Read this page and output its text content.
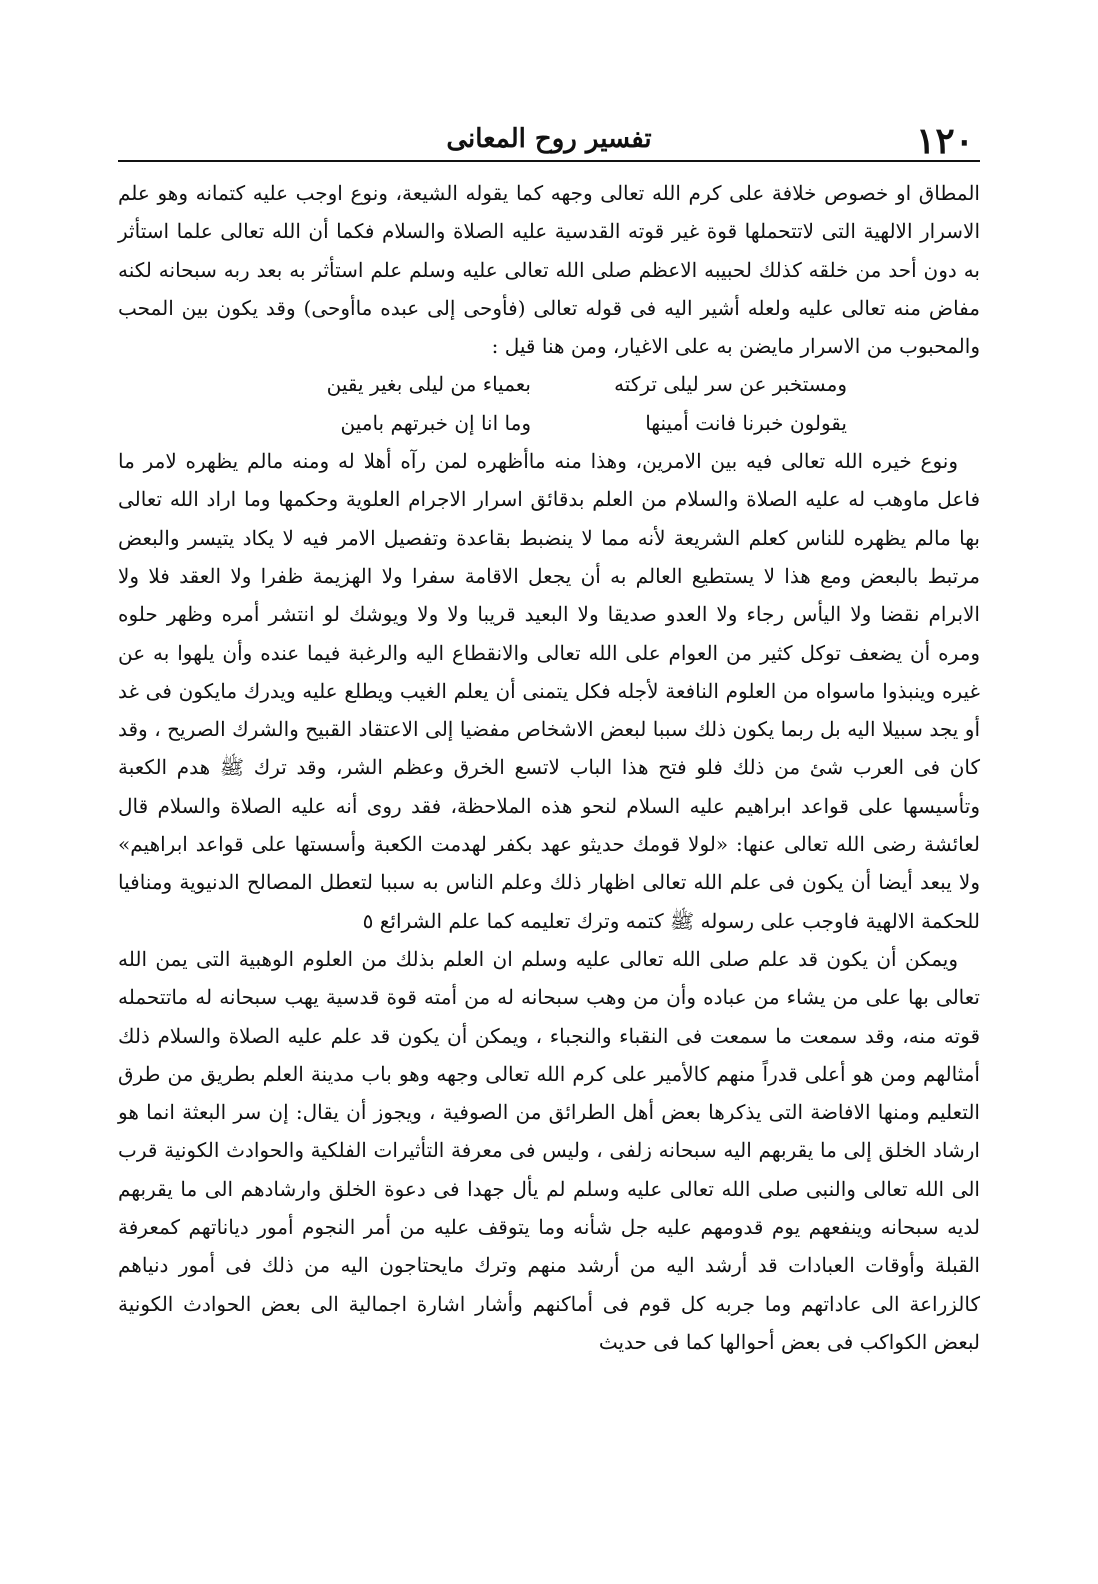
١٢٠
تفسير روح المعانى

المطاق او خصوص خلافة على كرم الله تعالى وجهه كما يقوله الشيعة، ونوع اوجب عليه كتمانه وهو علم الاسرار الالهية التى لاتتحملها قوة غير قوته القدسية عليه الصلاة والسلام فكما أن الله تعالى علما استأثر به دون أحد من خلقه كذلك لحبيبه الاعظم صلى الله تعالى عليه وسلم علم استأثر به بعد ربه سبحانه لكنه مفاض منه تعالى عليه ولعله أشير اليه فى قوله تعالى (فأوحى إلى عبده ماأوحى) وقد يكون بين المحب والمحبوب من الاسرار مايضن به على الاغيار، ومن هنا قيل :

ومستخبر عن سر ليلى تركته
بعمياء من ليلى بغير يقين
يقولون خبرنا فانت أمينها
وما انا إن خبرتهم بامين

ونوع خيره الله تعالى فيه بين الامرين، وهذا منه ماأظهره لمن رآه أهلا له ومنه مالم يظهره لامر ما فاعل ماوهب له عليه الصلاة والسلام من العلم بدقائق اسرار الاجرام العلوية وحكمها وما اراد الله تعالى بها مالم يظهره للناس كعلم الشريعة لأنه مما لا ينضبط بقاعدة وتفصيل الامر فيه لا يكاد يتيسر والبعض مرتبط بالبعض ومع هذا لا يستطيع العالم به أن يجعل الاقامة سفرا ولا الهزيمة ظفرا ولا العقد فلا ولا الابرام نقضا ولا اليأس رجاء ولا العدو صديقا ولا البعيد قريبا ولا ولا ويوشك لو انتشر أمره وظهر حلوه ومره أن يضعف توكل كثير من العوام على الله تعالى والانقطاع اليه والرغبة فيما عنده وأن يلهوا به عن غيره وينبذوا ماسواه من العلوم النافعة لأجله فكل يتمنى أن يعلم الغيب ويطلع عليه ويدرك مايكون فى غد أو يجد سبيلا اليه بل ربما يكون ذلك سببا لبعض الاشخاص مفضيا إلى الاعتقاد القبيح والشرك الصريح ، وقد كان فى العرب شئ من ذلك فلو فتح هذا الباب لاتسع الخرق وعظم الشر، وقد ترك ﷺ هدم الكعبة وتأسيسها على قواعد ابراهيم عليه السلام لنحو هذه الملاحظة، فقد روى أنه عليه الصلاة والسلام قال لعائشة رضى الله تعالى عنها: «لولا قومك حديثو عهد بكفر لهدمت الكعبة وأسستها على قواعد ابراهيم» ولا يبعد أيضا أن يكون فى علم الله تعالى اظهار ذلك وعلم الناس به سببا لتعطل المصالح الدنيوية ومنافيا للحكمة الالهية فاوجب على رسوله ﷺ كتمه وترك تعليمه كما علم الشرائع ٥

ويمكن أن يكون قد علم صلى الله تعالى عليه وسلم ان العلم بذلك من العلوم الوهبية التى يمن الله تعالى بها على من يشاء من عباده وأن من وهب سبحانه له من أمته قوة قدسية يهب سبحانه له ماتتحمله قوته منه، وقد سمعت ما سمعت فى النقباء والنجباء ، ويمكن أن يكون قد علم عليه الصلاة والسلام ذلك أمثالهم ومن هو أعلى قدراً منهم كالأمير على كرم الله تعالى وجهه وهو باب مدينة العلم بطريق من طرق التعليم ومنها الافاضة التى يذكرها بعض أهل الطرائق من الصوفية ، ويجوز أن يقال: إن سر البعثة انما هو ارشاد الخلق إلى ما يقربهم اليه سبحانه زلفى ، وليس فى معرفة التأثيرات الفلكية والحوادث الكونية قرب الى الله تعالى والنبى صلى الله تعالى عليه وسلم لم يأل جهدا فى دعوة الخلق وارشادهم الى ما يقربهم لديه سبحانه وينفعهم يوم قدومهم عليه جل شأنه وما يتوقف عليه من أمر النجوم أمور دياناتهم كمعرفة القبلة وأوقات العبادات قد أرشد اليه من أرشد منهم وترك مايحتاجون اليه من ذلك فى أمور دنياهم كالزراعة الى عاداتهم وما جربه كل قوم فى أماكنهم وأشار اشارة اجمالية الى بعض الحوادث الكونية لبعض الكواكب فى بعض أحوالها كما فى حديث
